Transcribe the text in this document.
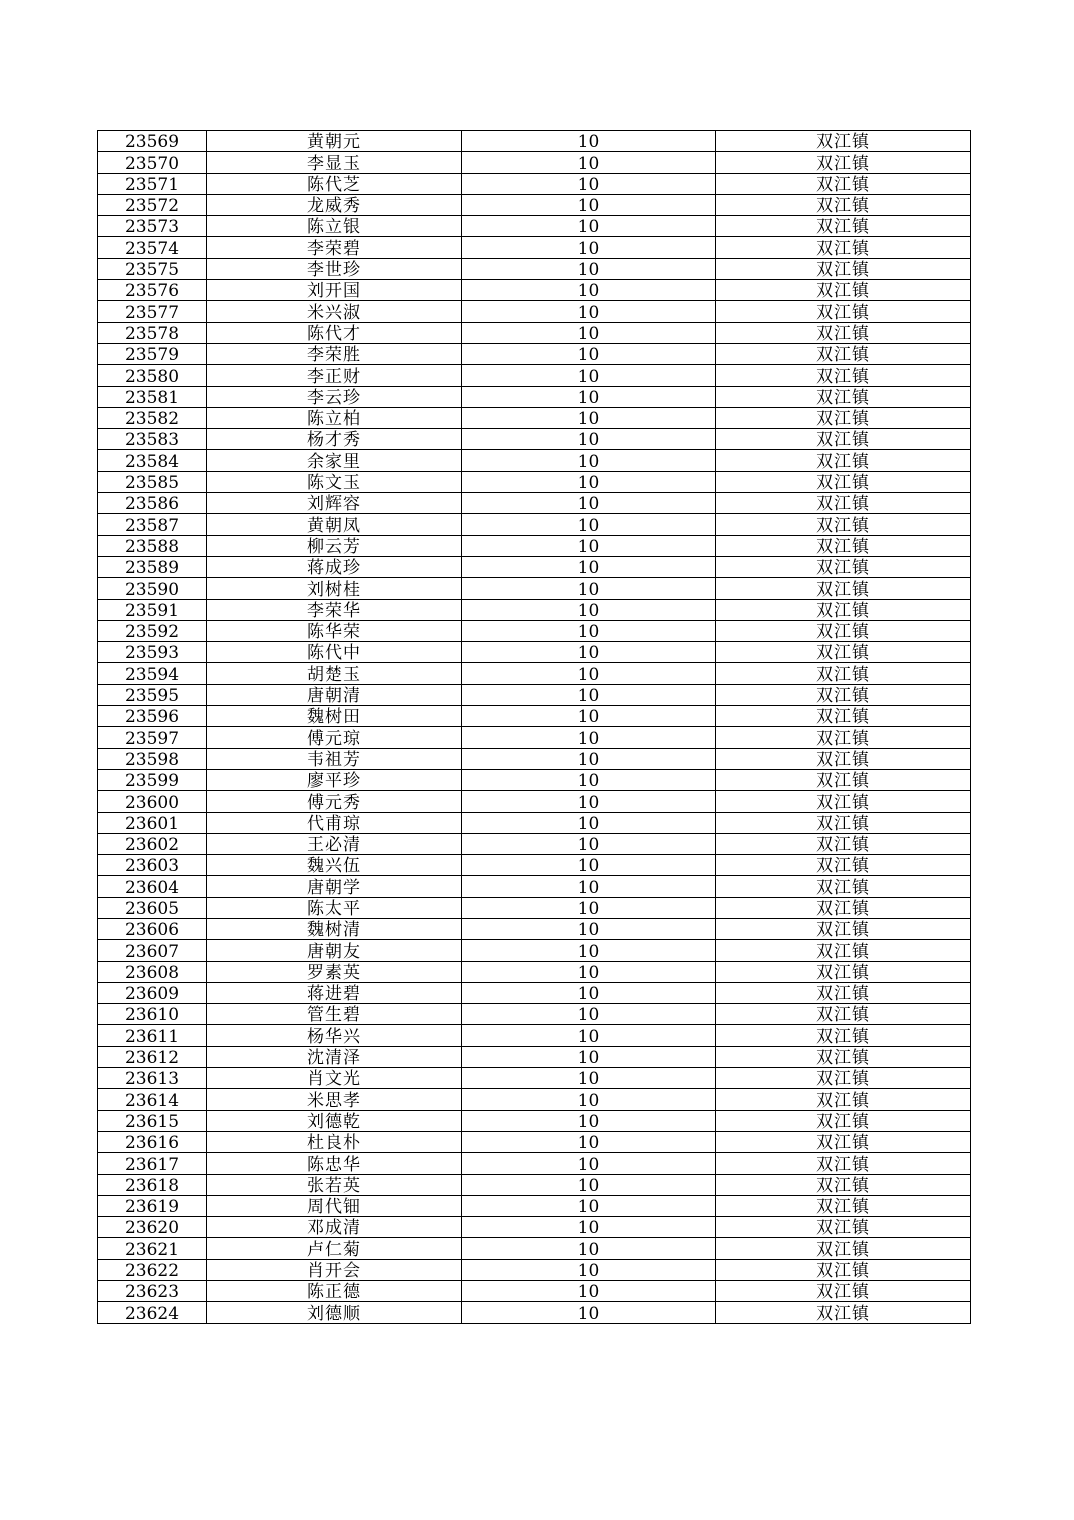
23569	黄朝元	10	双江镇
23570	李显玉	10	双江镇
23571	陈代芝	10	双江镇
23572	龙威秀	10	双江镇
23573	陈立银	10	双江镇
23574	李荣碧	10	双江镇
23575	李世珍	10	双江镇
23576	刘开国	10	双江镇
23577	米兴淑	10	双江镇
23578	陈代才	10	双江镇
23579	李荣胜	10	双江镇
23580	李正财	10	双江镇
23581	李云珍	10	双江镇
23582	陈立柏	10	双江镇
23583	杨才秀	10	双江镇
23584	余家里	10	双江镇
23585	陈文玉	10	双江镇
23586	刘辉容	10	双江镇
23587	黄朝凤	10	双江镇
23588	柳云芳	10	双江镇
23589	蒋成珍	10	双江镇
23590	刘树桂	10	双江镇
23591	李荣华	10	双江镇
23592	陈华荣	10	双江镇
23593	陈代中	10	双江镇
23594	胡楚玉	10	双江镇
23595	唐朝清	10	双江镇
23596	魏树田	10	双江镇
23597	傅元琼	10	双江镇
23598	韦祖芳	10	双江镇
23599	廖平珍	10	双江镇
23600	傅元秀	10	双江镇
23601	代甫琼	10	双江镇
23602	王必清	10	双江镇
23603	魏兴伍	10	双江镇
23604	唐朝学	10	双江镇
23605	陈太平	10	双江镇
23606	魏树清	10	双江镇
23607	唐朝友	10	双江镇
23608	罗素英	10	双江镇
23609	蒋进碧	10	双江镇
23610	管生碧	10	双江镇
23611	杨华兴	10	双江镇
23612	沈清泽	10	双江镇
23613	肖文光	10	双江镇
23614	米思孝	10	双江镇
23615	刘德乾	10	双江镇
23616	杜良朴	10	双江镇
23617	陈忠华	10	双江镇
23618	张若英	10	双江镇
23619	周代钿	10	双江镇
23620	邓成清	10	双江镇
23621	卢仁菊	10	双江镇
23622	肖开会	10	双江镇
23623	陈正德	10	双江镇
23624	刘德顺	10	双江镇
